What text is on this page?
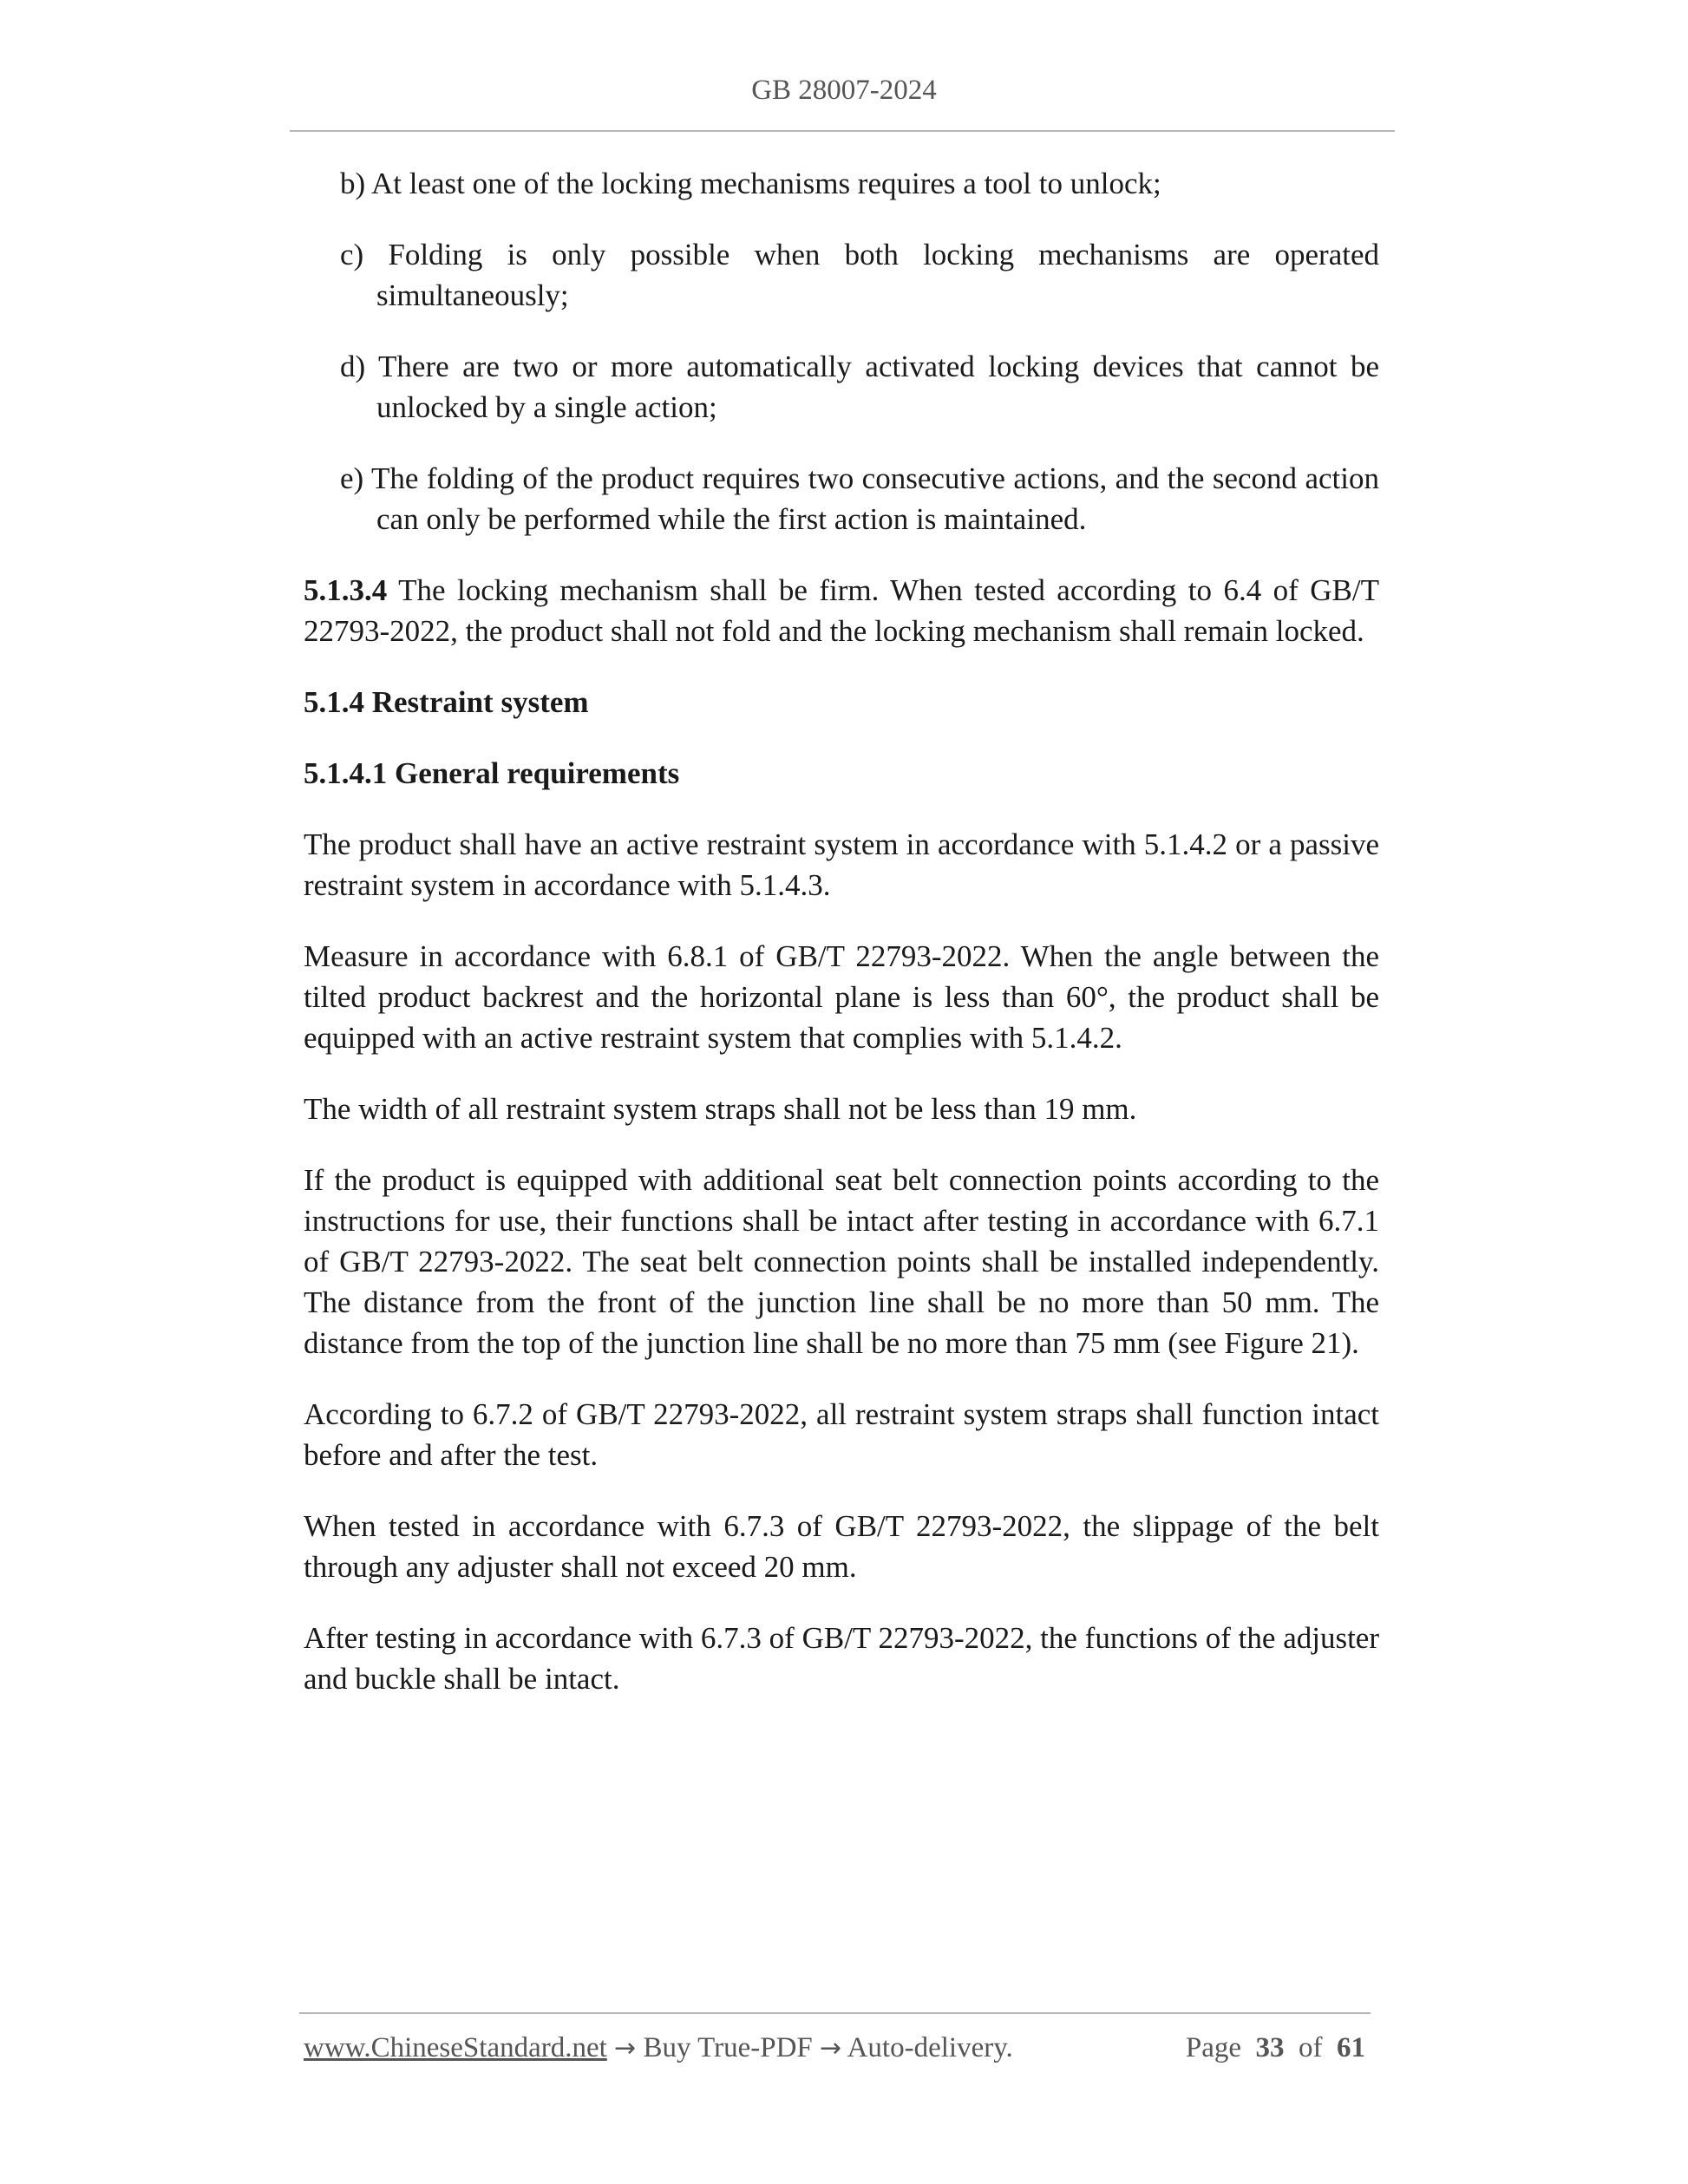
GB 28007-2024

b) At least one of the locking mechanisms requires a tool to unlock;

c) Folding is only possible when both locking mechanisms are operated simultaneously;

d) There are two or more automatically activated locking devices that cannot be unlocked by a single action;

e) The folding of the product requires two consecutive actions, and the second action can only be performed while the first action is maintained.

5.1.3.4 The locking mechanism shall be firm. When tested according to 6.4 of GB/T 22793-2022, the product shall not fold and the locking mechanism shall remain locked.

5.1.4 Restraint system

5.1.4.1 General requirements

The product shall have an active restraint system in accordance with 5.1.4.2 or a passive restraint system in accordance with 5.1.4.3.

Measure in accordance with 6.8.1 of GB/T 22793-2022. When the angle between the tilted product backrest and the horizontal plane is less than 60°, the product shall be equipped with an active restraint system that complies with 5.1.4.2.

The width of all restraint system straps shall not be less than 19 mm.

If the product is equipped with additional seat belt connection points according to the instructions for use, their functions shall be intact after testing in accordance with 6.7.1 of GB/T 22793-2022. The seat belt connection points shall be installed independently. The distance from the front of the junction line shall be no more than 50 mm. The distance from the top of the junction line shall be no more than 75 mm (see Figure 21).

According to 6.7.2 of GB/T 22793-2022, all restraint system straps shall function intact before and after the test.

When tested in accordance with 6.7.3 of GB/T 22793-2022, the slippage of the belt through any adjuster shall not exceed 20 mm.

After testing in accordance with 6.7.3 of GB/T 22793-2022, the functions of the adjuster and buckle shall be intact.

www.ChineseStandard.net → Buy True-PDF → Auto-delivery.	Page 33 of 61
